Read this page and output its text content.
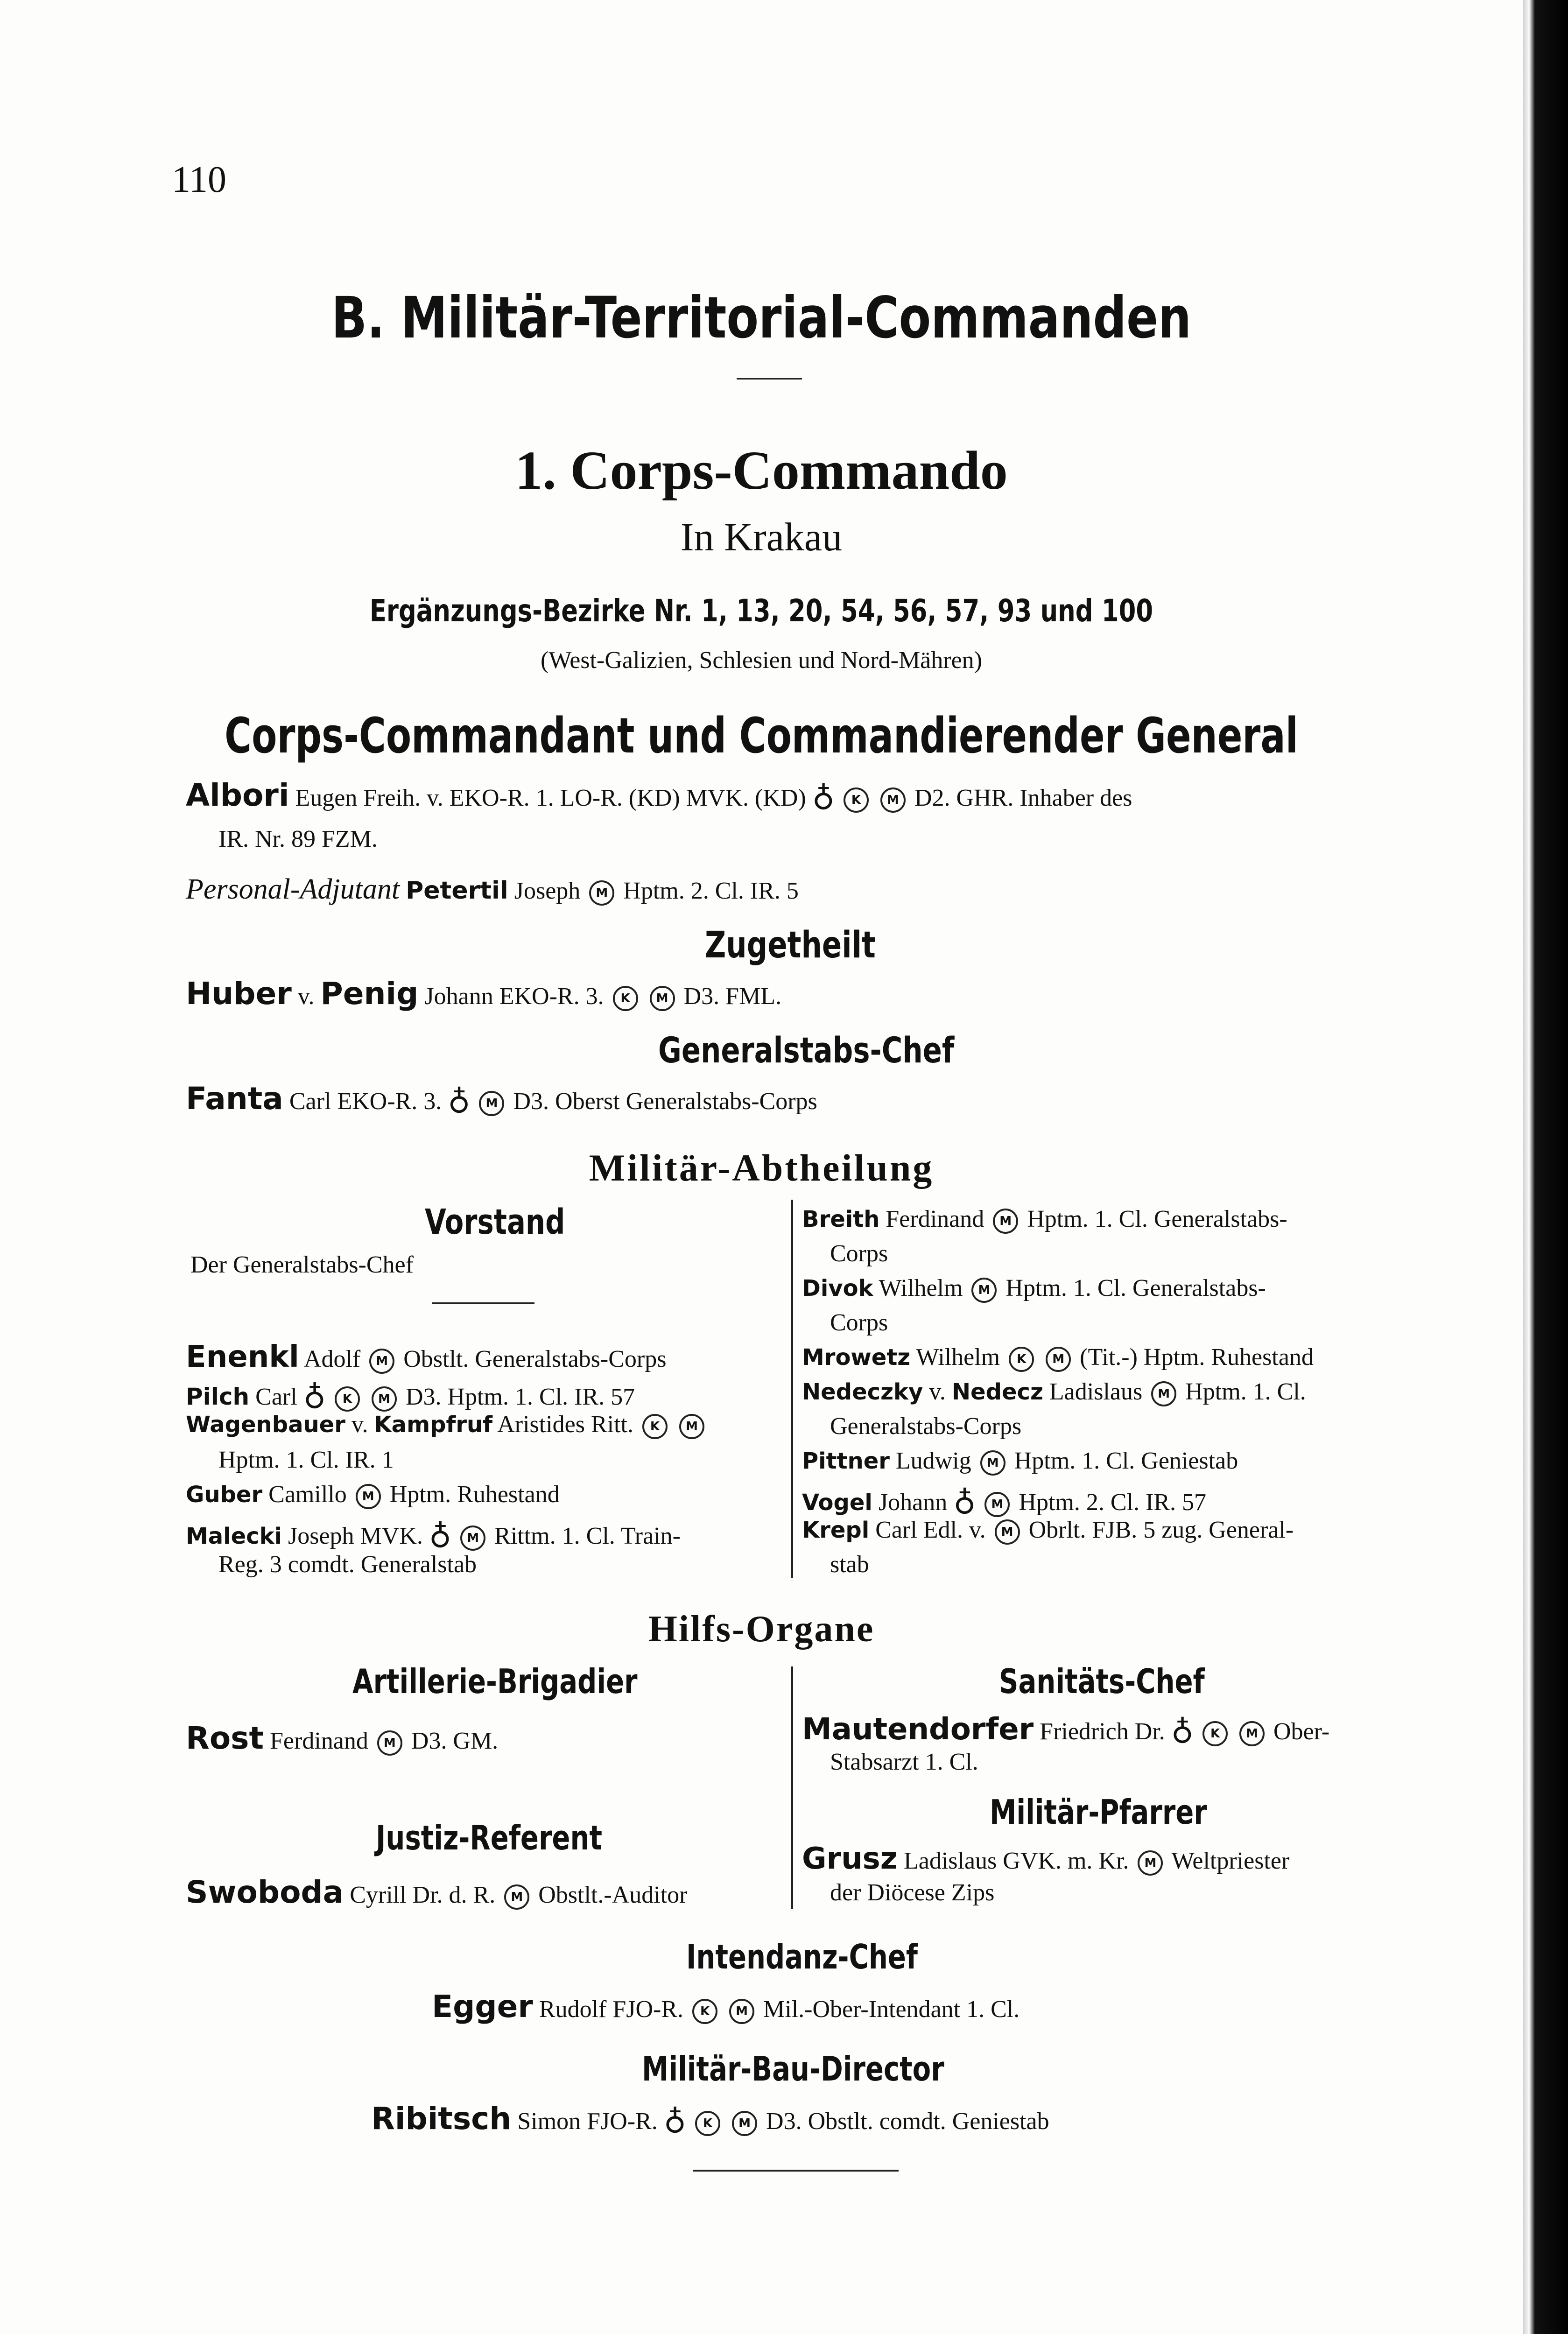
110
B. Militär-Territorial-Commanden
1. Corps-Commando
In Krakau
Ergänzungs-Bezirke Nr. 1, 13, 20, 54, 56, 57, 93 und 100
(West-Galizien, Schlesien und Nord-Mähren)
Corps-Commandant und Commandierender General
Albori Eugen Freih. v. EKO-R. 1. LO-R. (KD) MVK. (KD) ♁ K M D2. GHR. Inhaber des
IR. Nr. 89 FZM.
Personal-Adjutant Petertil Joseph M Hptm. 2. Cl. IR. 5
Zugetheilt
Huber v. Penig Johann EKO-R. 3. K M D3. FML.
Generalstabs-Chef
Fanta Carl EKO-R. 3. ♁ M D3. Oberst Generalstabs-Corps
Militär-Abtheilung
Vorstand
Der Generalstabs-Chef
Enenkl Adolf M Obstlt. Generalstabs-Corps
Pilch Carl ♁ K M D3. Hptm. 1. Cl. IR. 57
Wagenbauer v. Kampfruf Aristides Ritt. K M
Hptm. 1. Cl. IR. 1
Guber Camillo M Hptm. Ruhestand
Malecki Joseph MVK. ♁ M Rittm. 1. Cl. Train-
Reg. 3 comdt. Generalstab
Breith Ferdinand M Hptm. 1. Cl. Generalstabs-
Corps
Divok Wilhelm M Hptm. 1. Cl. Generalstabs-
Corps
Mrowetz Wilhelm K M (Tit.-) Hptm. Ruhestand
Nedeczky v. Nedecz Ladislaus M Hptm. 1. Cl.
Generalstabs-Corps
Pittner Ludwig M Hptm. 1. Cl. Geniestab
Vogel Johann ♁ M Hptm. 2. Cl. IR. 57
Krepl Carl Edl. v. M Obrlt. FJB. 5 zug. General-
stab
Hilfs-Organe
Artillerie-Brigadier
Rost Ferdinand M D3. GM.
Justiz-Referent
Swoboda Cyrill Dr. d. R. M Obstlt.-Auditor
Sanitäts-Chef
Mautendorfer Friedrich Dr. ♁ K M Ober-
Stabsarzt 1. Cl.
Militär-Pfarrer
Grusz Ladislaus GVK. m. Kr. M Weltpriester
der Diöcese Zips
Intendanz-Chef
Egger Rudolf FJO-R. K M Mil.-Ober-Intendant 1. Cl.
Militär-Bau-Director
Ribitsch Simon FJO-R. ♁ K M D3. Obstlt. comdt. Geniestab
